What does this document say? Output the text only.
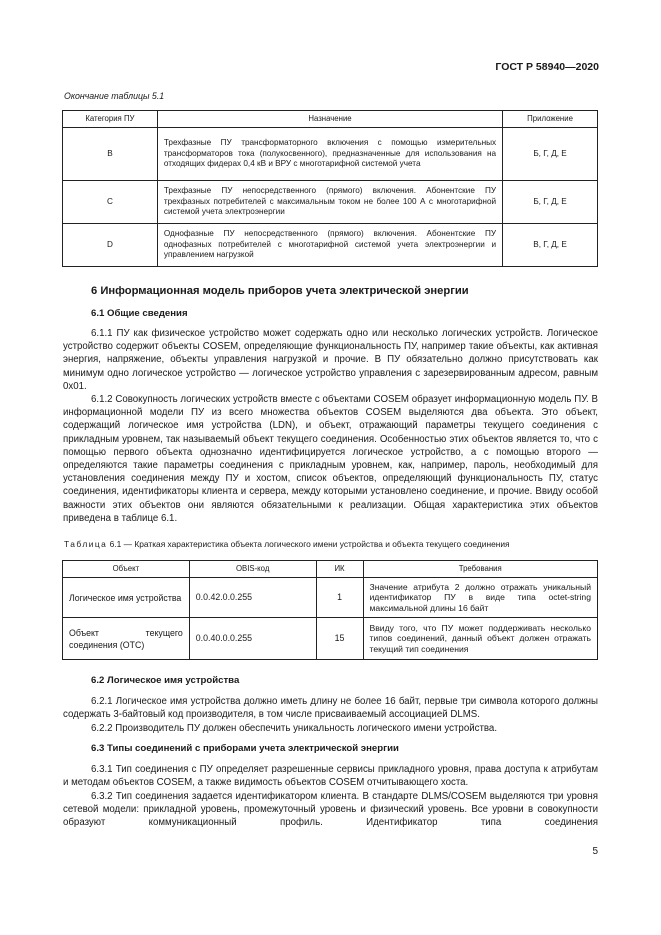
ГОСТ Р 58940—2020
Окончание таблицы 5.1
Категория ПУ	Назначение	Приложение
В	Трехфазные ПУ трансформаторного включения с помощью измерительных трансформаторов тока (полукосвенного), предназначенные для использования на отходящих фидерах 0,4 кВ и ВРУ с многотарифной системой учета	Б, Г, Д, Е
С	Трехфазные ПУ непосредственного (прямого) включения. Абонентские ПУ трехфазных потребителей с максимальным током не более 100 А с многотарифной системой учета электроэнергии	Б, Г, Д, Е
D	Однофазные ПУ непосредственного (прямого) включения. Абонентские ПУ однофазных потребителей с многотарифной системой учета электроэнергии и управлением нагрузкой	В, Г, Д, Е
6 Информационная модель приборов учета электрической энергии
6.1 Общие сведения

6.1.1 ПУ как физическое устройство может содержать одно или несколько логических устройств. Логическое устройство содержит объекты COSEM, определяющие функциональность ПУ, например такие объекты, как активная энергия, напряжение, объекты управления нагрузкой и прочие. В ПУ обязательно должно присутствовать как минимум одно логическое устройство — логическое устройство управления с зарезервированным адресом, равным 0x01.

6.1.2 Совокупность логических устройств вместе с объектами COSEM образует информационную модель ПУ. В информационной модели ПУ из всего множества объектов COSEM выделяются два объекта. Это объект, содержащий логическое имя устройства (LDN), и объект, отражающий параметры текущего соединения с прикладным уровнем, так называемый объект текущего соединения. Особенностью этих объектов является то, что с помощью первого объекта однозначно идентифицируется логическое устройство, а с помощью второго — определяются такие параметры соединения с прикладным уровнем, как, например, пароль, необходимый для установления соединения между ПУ и хостом, список объектов, определяющий функциональность ПУ, статус соединения, идентификаторы клиента и сервера, между которыми установлено соединение, и прочие. Ввиду особой важности этих объектов они являются обязательными к реализации. Общая характеристика этих объектов приведена в таблице 6.1.

Таблица 6.1 — Краткая характеристика объекта логического имени устройства и объекта текущего соединения
Объект	OBIS-код	ИК	Требования
Логическое имя устройства	0.0.42.0.0.255	1	Значение атрибута 2 должно отражать уникальный идентификатор ПУ в виде типа octet-string максимальной длины 16 байт
Объект текущего соединения (ОТС)	0.0.40.0.0.255	15	Ввиду того, что ПУ может поддерживать несколько типов соединений, данный объект должен отражать текущий тип соединения
6.2 Логическое имя устройства

6.2.1 Логическое имя устройства должно иметь длину не более 16 байт, первые три символа которого должны содержать 3-байтовый код производителя, в том числе присваиваемый ассоциацией DLMS.

6.2.2 Производитель ПУ должен обеспечить уникальность логического имени устройства.

6.3 Типы соединений с приборами учета электрической энергии

6.3.1 Тип соединения с ПУ определяет разрешенные сервисы прикладного уровня, права доступа к атрибутам и методам объектов COSEM, а также видимость объектов COSEM отчитывающего хоста.

6.3.2 Тип соединения задается идентификатором клиента. В стандарте DLMS/COSEM выделяются три уровня сетевой модели: прикладной уровень, промежуточный уровень и физический уровень. Все уровни в совокупности образуют коммуникационный профиль. Идентификатор типа соединения

5
